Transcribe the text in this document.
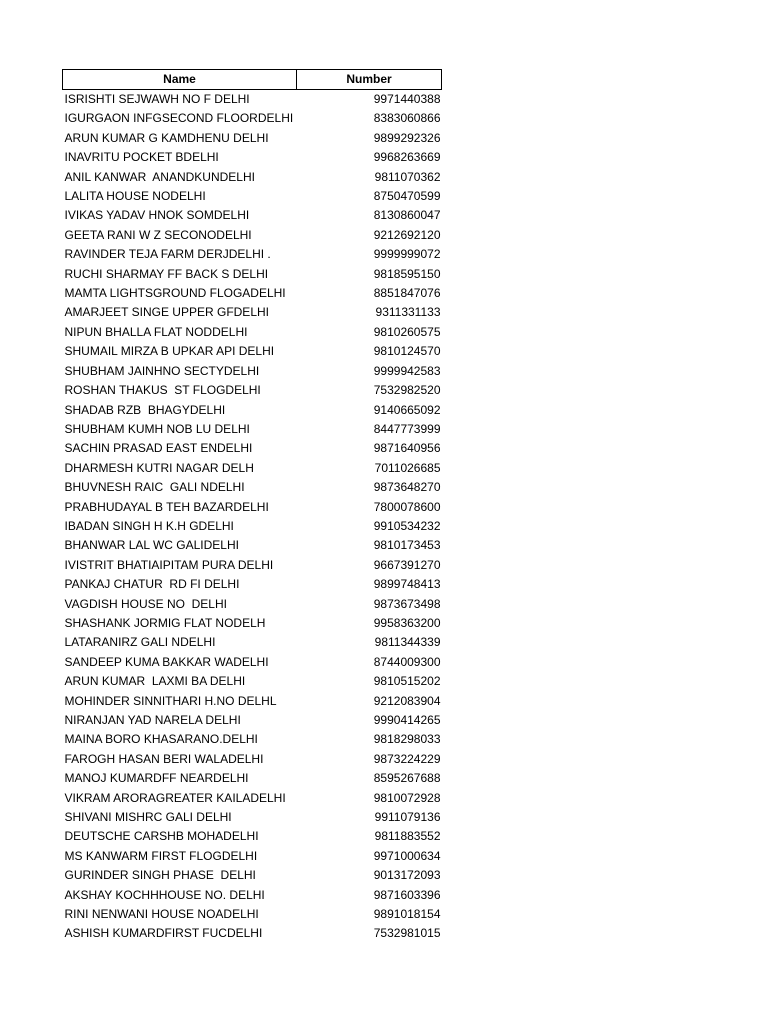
Name	Number
ISRISHTI SEJWAWH NO F DELHI	9971440388
IGURGAON INFGSECOND FLOORDELHI	8383060866
ARUN KUMAR G KAMDHENU DELHI	9899292326
INAVRITU POCKET BDELHI	9968263669
ANIL KANWAR  ANANDKUNDELHI	9811070362
LALITA HOUSE NODELHI	8750470599
IVIKAS YADAV HNOK SOMDELHI	8130860047
GEETA RANI W Z SECONODELHI	9212692120
RAVINDER TEJA FARM DERJDELHI .	9999999072
RUCHI SHARMAY FF BACK S DELHI	9818595150
MAMTA LIGHTSGROUND FLOGADELHI	8851847076
AMARJEET SINGE UPPER GFDELHI	9311331133
NIPUN BHALLA FLAT NODDELHI	9810260575
SHUMAIL MIRZA B UPKAR API DELHI	9810124570
SHUBHAM JAINHNO SECTYDELHI	9999942583
ROSHAN THAKUS  ST FLOGDELHI	7532982520
SHADAB RZB  BHAGYDELHI	9140665092
SHUBHAM KUMH NOB LU DELHI	8447773999
SACHIN PRASAD EAST ENDELHI	9871640956
DHARMESH KUTRI NAGAR DELH	7011026685
BHUVNESH RAIC  GALI NDELHI	9873648270
PRABHUDAYAL B TEH BAZARDELHI	7800078600
IBADAN SINGH H K.H GDELHI	9910534232
BHANWAR LAL WC GALIDELHI	9810173453
IVISTRIT BHATIAIPITAM PURA DELHI	9667391270
PANKAJ CHATUR  RD FI DELHI	9899748413
VAGDISH HOUSE NO  DELHI	9873673498
SHASHANK JORMIG FLAT NODELH	9958363200
LATARANIRZ GALI NDELHI	9811344339
SANDEEP KUMA BAKKAR WADELHI	8744009300
ARUN KUMAR  LAXMI BA DELHI	9810515202
MOHINDER SINNITHARI H.NO DELHL	9212083904
NIRANJAN YAD NARELA DELHI	9990414265
MAINA BORO KHASARANO.DELHI	9818298033
FAROGH HASAN BERI WALADELHI	9873224229
MANOJ KUMARDFF NEARDELHI	8595267688
VIKRAM ARORAGREATER KAILADELHI	9810072928
SHIVANI MISHRC GALI DELHI	9911079136
DEUTSCHE CARSHB MOHADELHI	9811883552
MS KANWARM FIRST FLOGDELHI	9971000634
GURINDER SINGH PHASE  DELHI	9013172093
AKSHAY KOCHHHOUSE NO. DELHI	9871603396
RINI NENWANI HOUSE NOADELHI	9891018154
ASHISH KUMARDFIRST FUCDELHI	7532981015
